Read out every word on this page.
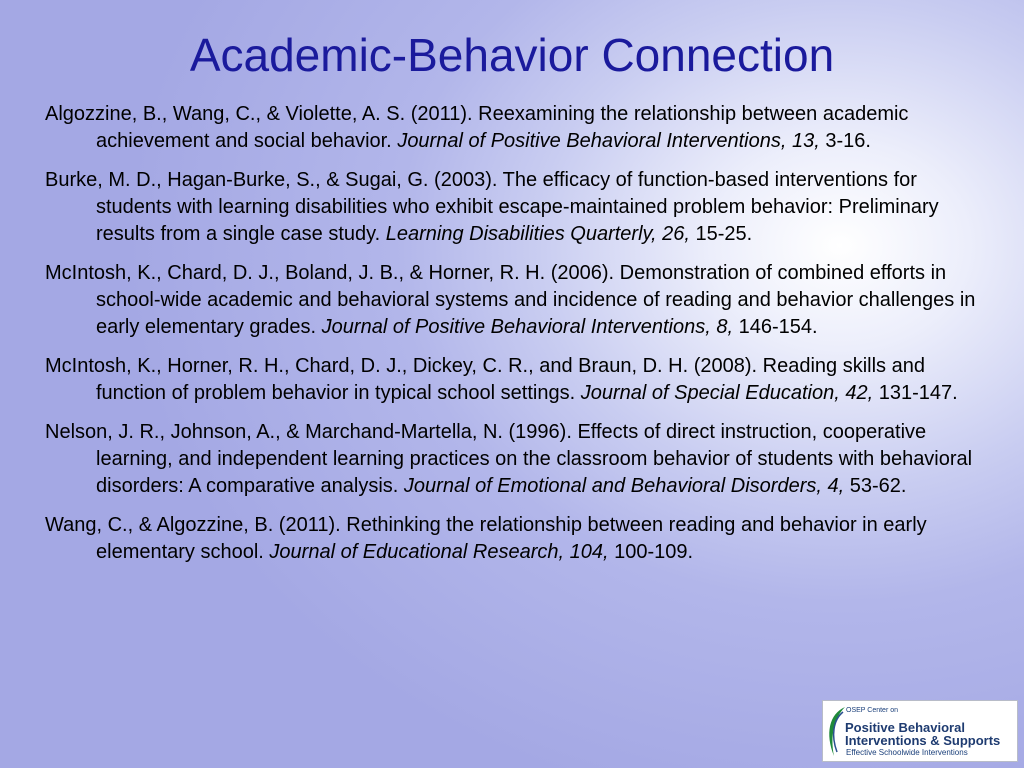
Academic-Behavior Connection

Algozzine, B., Wang, C., & Violette, A. S. (2011). Reexamining the relationship between academic achievement and social behavior. Journal of Positive Behavioral Interventions, 13, 3-16.

Burke, M. D., Hagan-Burke, S., & Sugai, G. (2003). The efficacy of function-based interventions for students with learning disabilities who exhibit escape-maintained problem behavior: Preliminary results from a single case study. Learning Disabilities Quarterly, 26, 15-25.

McIntosh, K., Chard, D. J., Boland, J. B., & Horner, R. H. (2006). Demonstration of combined efforts in school-wide academic and behavioral systems and incidence of reading and behavior challenges in early elementary grades. Journal of Positive Behavioral Interventions, 8, 146-154.

McIntosh, K., Horner, R. H., Chard, D. J., Dickey, C. R., and Braun, D. H. (2008). Reading skills and function of problem behavior in typical school settings. Journal of Special Education, 42, 131-147.

Nelson, J. R., Johnson, A., & Marchand-Martella, N. (1996). Effects of direct instruction, cooperative learning, and independent learning practices on the classroom behavior of students with behavioral disorders: A comparative analysis. Journal of Emotional and Behavioral Disorders, 4, 53-62.

Wang, C., & Algozzine, B. (2011). Rethinking the relationship between reading and behavior in early elementary school. Journal of Educational Research, 104, 100-109.

OSEP Center on
Positive Behavioral
Interventions & Supports
Effective Schoolwide Interventions
